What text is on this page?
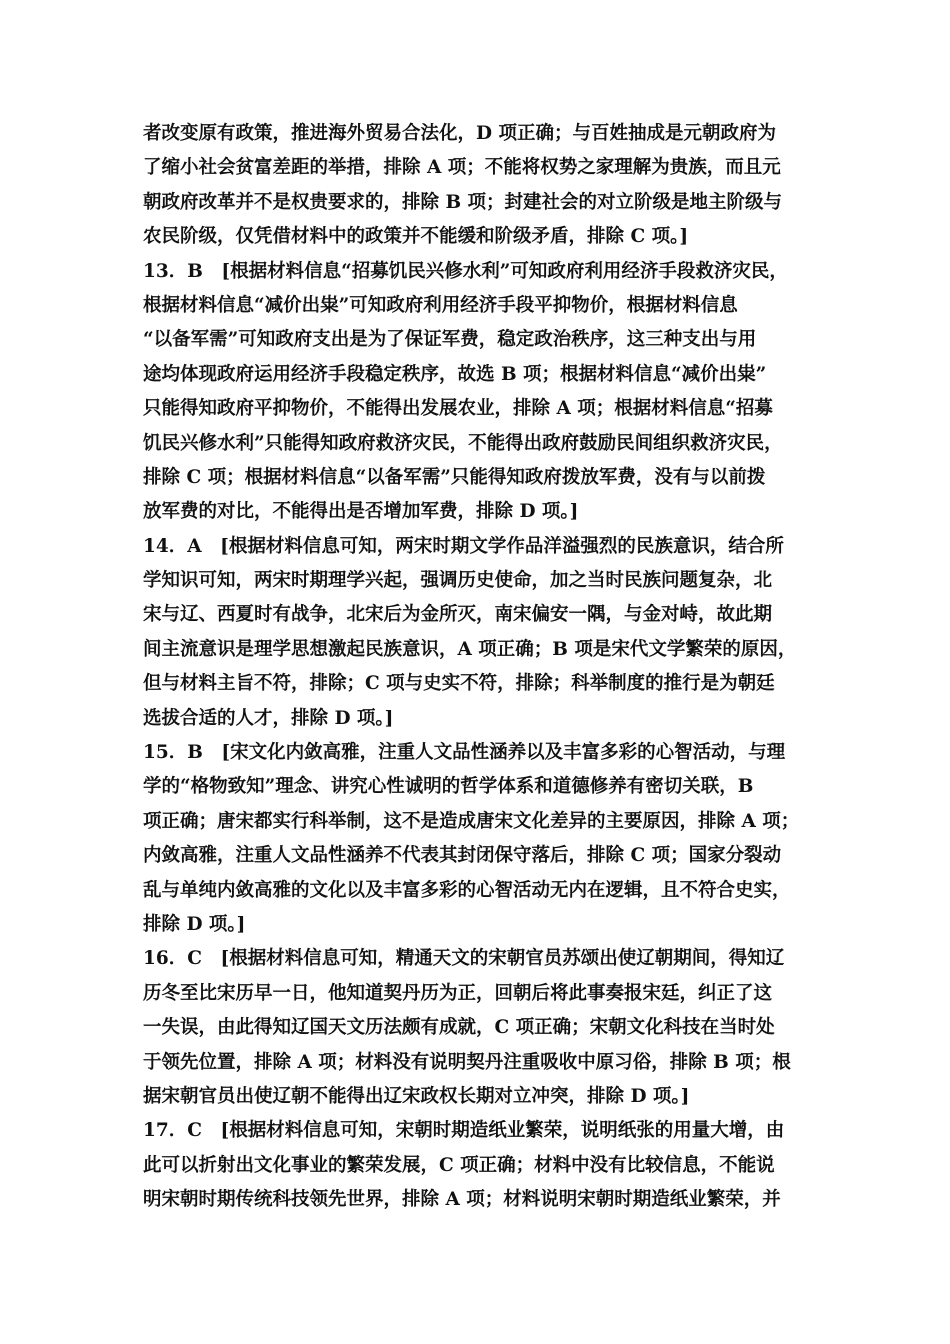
者改变原有政策，推进海外贸易合法化，D 项正确；与百姓抽成是元朝政府为
了缩小社会贫富差距的举措，排除 A 项；不能将权势之家理解为贵族，而且元
朝政府改革并不是权贵要求的，排除 B 项；封建社会的对立阶级是地主阶级与
农民阶级，仅凭借材料中的政策并不能缓和阶级矛盾，排除 C 项。]
13．B　[根据材料信息“招募饥民兴修水利”可知政府利用经济手段救济灾民，
根据材料信息“减价出粜”可知政府利用经济手段平抑物价，根据材料信息
“以备军需”可知政府支出是为了保证军费，稳定政治秩序，这三种支出与用
途均体现政府运用经济手段稳定秩序，故选 B 项；根据材料信息“减价出粜”
只能得知政府平抑物价，不能得出发展农业，排除 A 项；根据材料信息“招募
饥民兴修水利”只能得知政府救济灾民，不能得出政府鼓励民间组织救济灾民，
排除 C 项；根据材料信息“以备军需”只能得知政府拨放军费，没有与以前拨
放军费的对比，不能得出是否增加军费，排除 D 项。]
14．A　[根据材料信息可知，两宋时期文学作品洋溢强烈的民族意识，结合所
学知识可知，两宋时期理学兴起，强调历史使命，加之当时民族问题复杂，北
宋与辽、西夏时有战争，北宋后为金所灭，南宋偏安一隅，与金对峙，故此期
间主流意识是理学思想激起民族意识，A 项正确；B 项是宋代文学繁荣的原因，
但与材料主旨不符，排除；C 项与史实不符，排除；科举制度的推行是为朝廷
选拔合适的人才，排除 D 项。]
15．B　[宋文化内敛高雅，注重人文品性涵养以及丰富多彩的心智活动，与理
学的“格物致知”理念、讲究心性诚明的哲学体系和道德修养有密切关联，B
项正确；唐宋都实行科举制，这不是造成唐宋文化差异的主要原因，排除 A 项；
内敛高雅，注重人文品性涵养不代表其封闭保守落后，排除 C 项；国家分裂动
乱与单纯内敛高雅的文化以及丰富多彩的心智活动无内在逻辑，且不符合史实，
排除 D 项。]
16．C　[根据材料信息可知，精通天文的宋朝官员苏颂出使辽朝期间，得知辽
历冬至比宋历早一日，他知道契丹历为正，回朝后将此事奏报宋廷，纠正了这
一失误，由此得知辽国天文历法颇有成就，C 项正确；宋朝文化科技在当时处
于领先位置，排除 A 项；材料没有说明契丹注重吸收中原习俗，排除 B 项；根
据宋朝官员出使辽朝不能得出辽宋政权长期对立冲突，排除 D 项。]
17．C　[根据材料信息可知，宋朝时期造纸业繁荣，说明纸张的用量大增，由
此可以折射出文化事业的繁荣发展，C 项正确；材料中没有比较信息，不能说
明宋朝时期传统科技领先世界，排除 A 项；材料说明宋朝时期造纸业繁荣，并
